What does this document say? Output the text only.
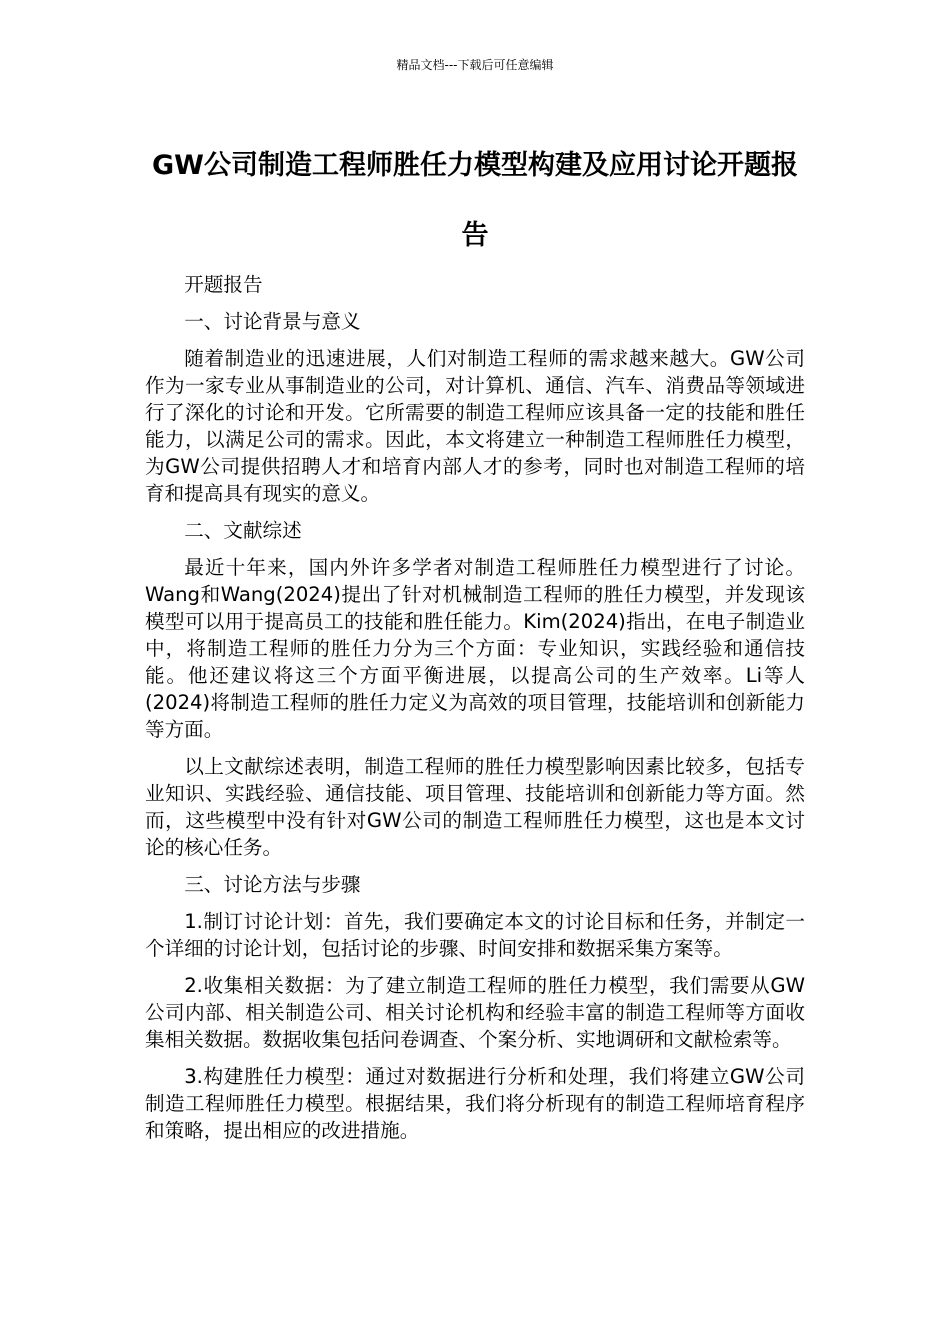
精品文档---下载后可任意编辑
GW公司制造工程师胜任力模型构建及应用讨论开题报告

开题报告

一、讨论背景与意义

随着制造业的迅速进展，人们对制造工程师的需求越来越大。GW公司作为一家专业从事制造业的公司，对计算机、通信、汽车、消费品等领域进行了深化的讨论和开发。它所需要的制造工程师应该具备一定的技能和胜任能力，以满足公司的需求。因此，本文将建立一种制造工程师胜任力模型，为GW公司提供招聘人才和培育内部人才的参考，同时也对制造工程师的培育和提高具有现实的意义。

二、文献综述

最近十年来，国内外许多学者对制造工程师胜任力模型进行了讨论。Wang和Wang(2024)提出了针对机械制造工程师的胜任力模型，并发现该模型可以用于提高员工的技能和胜任能力。Kim(2024)指出，在电子制造业中，将制造工程师的胜任力分为三个方面：专业知识，实践经验和通信技能。他还建议将这三个方面平衡进展，以提高公司的生产效率。Li等人(2024)将制造工程师的胜任力定义为高效的项目管理，技能培训和创新能力等方面。

以上文献综述表明，制造工程师的胜任力模型影响因素比较多，包括专业知识、实践经验、通信技能、项目管理、技能培训和创新能力等方面。然而，这些模型中没有针对GW公司的制造工程师胜任力模型，这也是本文讨论的核心任务。

三、讨论方法与步骤

1.制订讨论计划：首先，我们要确定本文的讨论目标和任务，并制定一个详细的讨论计划，包括讨论的步骤、时间安排和数据采集方案等。

2.收集相关数据：为了建立制造工程师的胜任力模型，我们需要从GW公司内部、相关制造公司、相关讨论机构和经验丰富的制造工程师等方面收集相关数据。数据收集包括问卷调查、个案分析、实地调研和文献检索等。

3.构建胜任力模型：通过对数据进行分析和处理，我们将建立GW公司制造工程师胜任力模型。根据结果，我们将分析现有的制造工程师培育程序和策略，提出相应的改进措施。
